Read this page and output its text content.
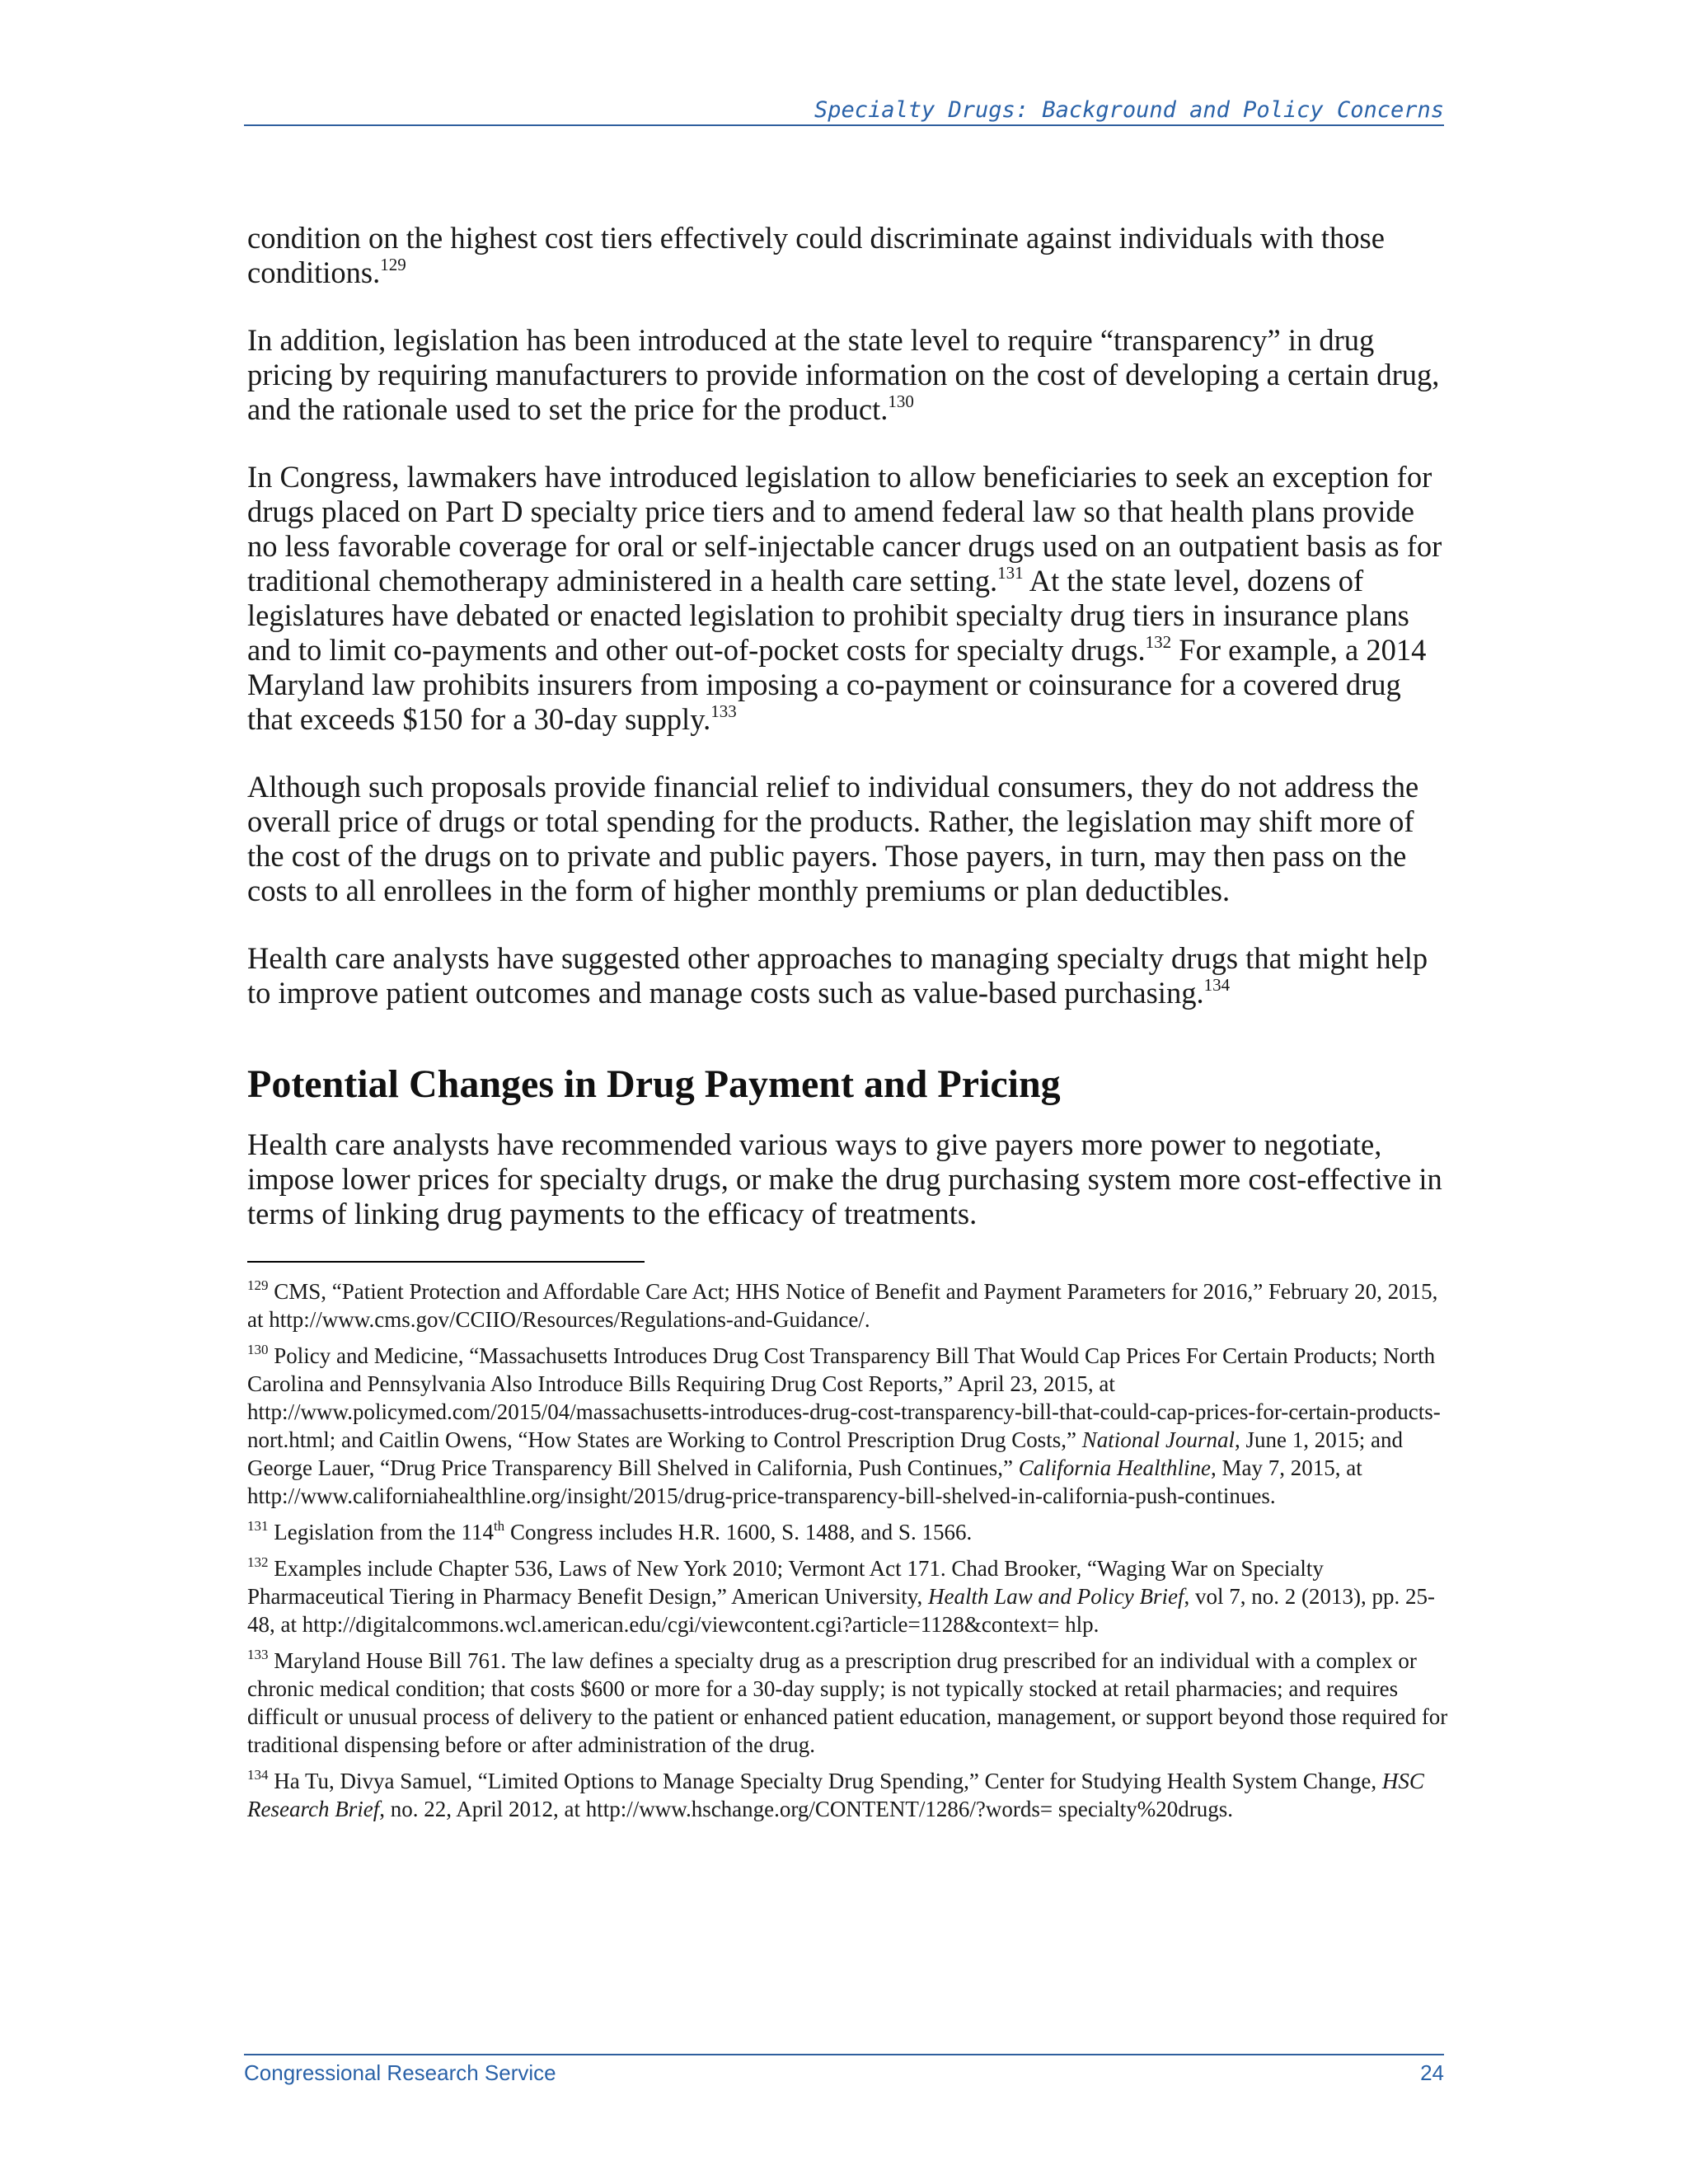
Specialty Drugs: Background and Policy Concerns

condition on the highest cost tiers effectively could discriminate against individuals with those conditions.$^{129}$

In addition, legislation has been introduced at the state level to require “transparency” in drug pricing by requiring manufacturers to provide information on the cost of developing a certain drug, and the rationale used to set the price for the product.$^{130}$

In Congress, lawmakers have introduced legislation to allow beneficiaries to seek an exception for drugs placed on Part D specialty price tiers and to amend federal law so that health plans provide no less favorable coverage for oral or self-injectable cancer drugs used on an outpatient basis as for traditional chemotherapy administered in a health care setting.$^{131}$ At the state level, dozens of legislatures have debated or enacted legislation to prohibit specialty drug tiers in insurance plans and to limit co-payments and other out-of-pocket costs for specialty drugs.$^{132}$ For example, a 2014 Maryland law prohibits insurers from imposing a co-payment or coinsurance for a covered drug that exceeds $150 for a 30-day supply.$^{133}$

Although such proposals provide financial relief to individual consumers, they do not address the overall price of drugs or total spending for the products. Rather, the legislation may shift more of the cost of the drugs on to private and public payers. Those payers, in turn, may then pass on the costs to all enrollees in the form of higher monthly premiums or plan deductibles.

Health care analysts have suggested other approaches to managing specialty drugs that might help to improve patient outcomes and manage costs such as value-based purchasing.$^{134}$

Potential Changes in Drug Payment and Pricing

Health care analysts have recommended various ways to give payers more power to negotiate, impose lower prices for specialty drugs, or make the drug purchasing system more cost-effective in terms of linking drug payments to the efficacy of treatments.

$^{129}$ CMS, “Patient Protection and Affordable Care Act; HHS Notice of Benefit and Payment Parameters for 2016,” February 20, 2015, at http://www.cms.gov/CCIIO/Resources/Regulations-and-Guidance/.
$^{130}$ Policy and Medicine, “Massachusetts Introduces Drug Cost Transparency Bill That Would Cap Prices For Certain Products; North Carolina and Pennsylvania Also Introduce Bills Requiring Drug Cost Reports,” April 23, 2015, at http://www.policymed.com/2015/04/massachusetts-introduces-drug-cost-transparency-bill-that-could-cap-prices-for-certain-products-nort.html; and Caitlin Owens, “How States are Working to Control Prescription Drug Costs,” National Journal, June 1, 2015; and George Lauer, “Drug Price Transparency Bill Shelved in California, Push Continues,” California Healthline, May 7, 2015, at http://www.californiahealthline.org/insight/2015/drug-price-transparency-bill-shelved-in-california-push-continues.
$^{131}$ Legislation from the 114th Congress includes H.R. 1600, S. 1488, and S. 1566.
$^{132}$ Examples include Chapter 536, Laws of New York 2010; Vermont Act 171. Chad Brooker, “Waging War on Specialty Pharmaceutical Tiering in Pharmacy Benefit Design,” American University, Health Law and Policy Brief, vol 7, no. 2 (2013), pp. 25-48, at http://digitalcommons.wcl.american.edu/cgi/viewcontent.cgi?article=1128&context= hlp.
$^{133}$ Maryland House Bill 761. The law defines a specialty drug as a prescription drug prescribed for an individual with a complex or chronic medical condition; that costs $600 or more for a 30-day supply; is not typically stocked at retail pharmacies; and requires difficult or unusual process of delivery to the patient or enhanced patient education, management, or support beyond those required for traditional dispensing before or after administration of the drug.
$^{134}$ Ha Tu, Divya Samuel, “Limited Options to Manage Specialty Drug Spending,” Center for Studying Health System Change, HSC Research Brief, no. 22, April 2012, at http://www.hschange.org/CONTENT/1286/?words= specialty%20drugs.
Congressional Research Service	24
